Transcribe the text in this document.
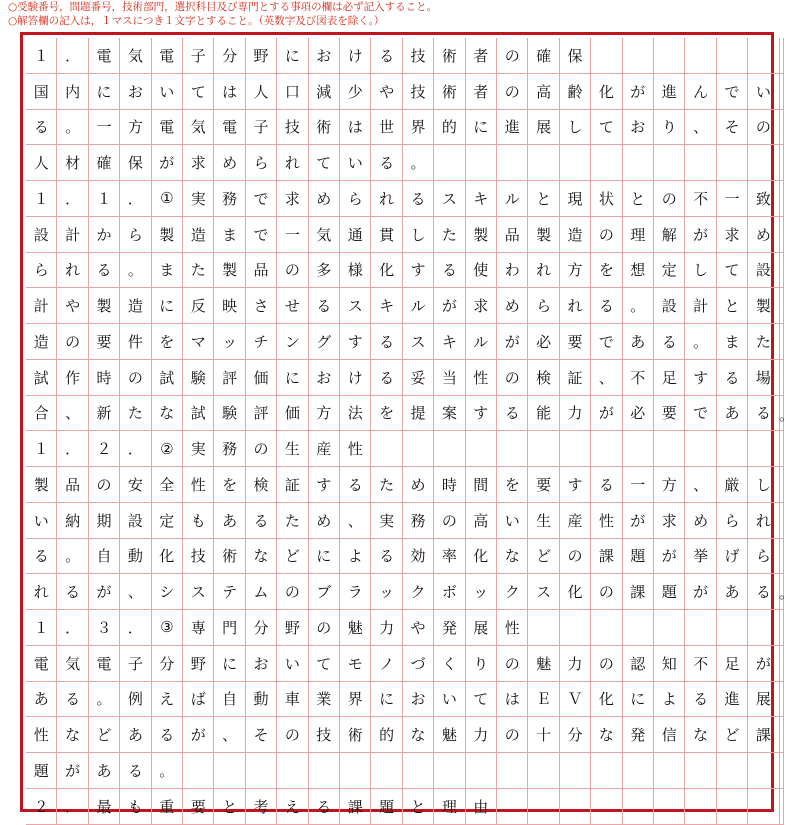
○受験番号，問題番号，技術部門，選択科目及び専門とする事項の欄は必ず記入すること。
○解答欄の記入は，１マスにつき１文字とすること。（英数字及び図表を除く。）
１	．	電	気	電	子	分	野	に	お	け	る	技	術	者	の	確	保
国	内	に	お	い	て	は	人	口	減	少	や	技	術	者	の	高	齢	化	が	進	ん	で	い
る	。	一	方	電	気	電	子	技	術	は	世	界	的	に	進	展	し	て	お	り	、	そ	の
人	材	確	保	が	求	め	ら	れ	て	い	る	。
１	．	１	．	①	実	務	で	求	め	ら	れ	る	ス	キ	ル	と	現	状	と	の	不	一	致
設	計	か	ら	製	造	ま	で	一	気	通	貫	し	た	製	品	製	造	の	理	解	が	求	め
ら	れ	る	。	ま	た	製	品	の	多	様	化	す	る	使	わ	れ	方	を	想	定	し	て	設
計	や	製	造	に	反	映	さ	せ	る	ス	キ	ル	が	求	め	ら	れ	る	。	設	計	と	製
造	の	要	件	を	マ	ッ	チ	ン	グ	す	る	ス	キ	ル	が	必	要	で	あ	る	。	ま	た
試	作	時	の	試	験	評	価	に	お	け	る	妥	当	性	の	検	証	、	不	足	す	る	場
合	、	新	た	な	試	験	評	価	方	法	を	提	案	す	る	能	力	が	必	要	で	あ	る
１	．	２	．	②	実	務	の	生	産	性
製	品	の	安	全	性	を	検	証	す	る	た	め	時	間	を	要	す	る	一	方	、	厳	し
い	納	期	設	定	も	あ	る	た	め	、	実	務	の	高	い	生	産	性	が	求	め	ら	れ
る	。	自	動	化	技	術	な	ど	に	よ	る	効	率	化	な	ど	の	課	題	が	挙	げ	ら
れ	る	が	、	シ	ス	テ	ム	の	ブ	ラ	ッ	ク	ボ	ッ	ク	ス	化	の	課	題	が	あ	る
１	．	３	．	③	専	門	分	野	の	魅	力	や	発	展	性
電	気	電	子	分	野	に	お	い	て	モ	ノ	づ	く	り	の	魅	力	の	認	知	不	足	が
あ	る	。	例	え	ば	自	動	車	業	界	に	お	い	て	は	Ｅ	Ｖ	化	に	よ	る	進	展
性	な	ど	あ	る	が	、	そ	の	技	術	的	な	魅	力	の	十	分	な	発	信	な	ど	課
題	が	あ	る	。
２	．	最	も	重	要	と	考	え	る	課	題	と	理	由
。
。
